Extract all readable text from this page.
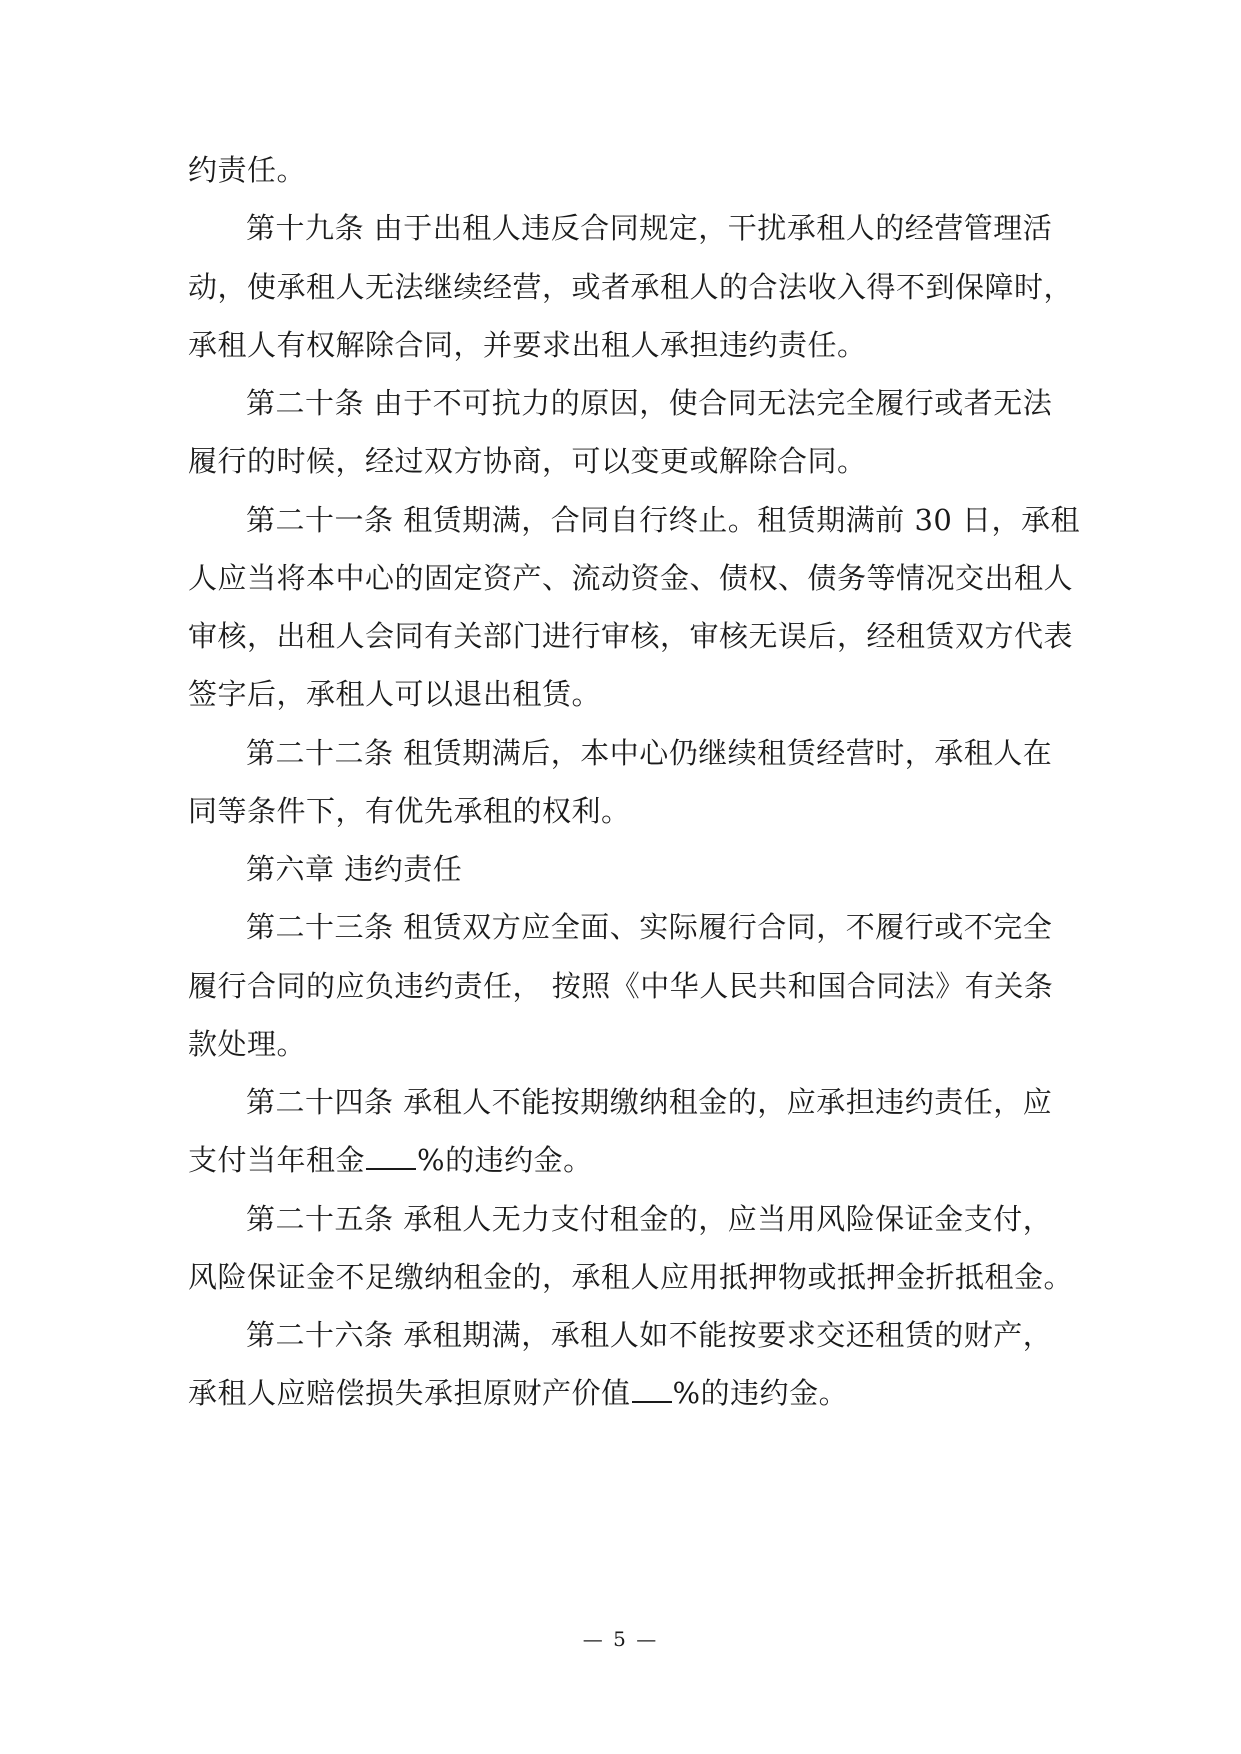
约责任。
第十九条 由于出租人违反合同规定，干扰承租人的经营管理活
动，使承租人无法继续经营，或者承租人的合法收入得不到保障时，
承租人有权解除合同，并要求出租人承担违约责任。
第二十条 由于不可抗力的原因，使合同无法完全履行或者无法
履行的时候，经过双方协商，可以变更或解除合同。
第二十一条 租赁期满，合同自行终止。租赁期满前 30 日，承租
人应当将本中心的固定资产、流动资金、债权、债务等情况交出租人
审核，出租人会同有关部门进行审核，审核无误后，经租赁双方代表
签字后，承租人可以退出租赁。
第二十二条 租赁期满后，本中心仍继续租赁经营时，承租人在
同等条件下，有优先承租的权利。
第六章 违约责任
第二十三条 租赁双方应全面、实际履行合同，不履行或不完全
履行合同的应负违约责任， 按照《中华人民共和国合同法》有关条
款处理。
第二十四条 承租人不能按期缴纳租金的，应承担违约责任，应
支付当年租金 %的违约金。
第二十五条 承租人无力支付租金的，应当用风险保证金支付，
风险保证金不足缴纳租金的，承租人应用抵押物或抵押金折抵租金。
第二十六条 承租期满，承租人如不能按要求交还租赁的财产，
承租人应赔偿损失承担原财产价值 %的违约金。
— 5 —
